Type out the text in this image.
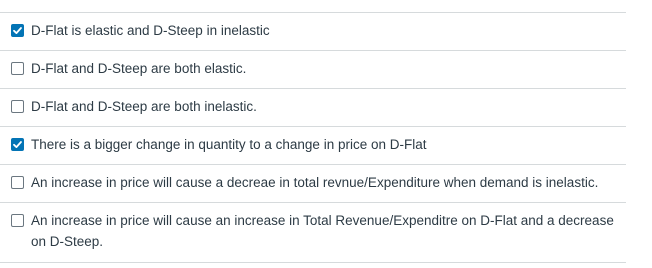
D-Flat is elastic and D-Steep in inelastic
D-Flat and D-Steep are both elastic.
D-Flat and D-Steep are both inelastic.
There is a bigger change in quantity to a change in price on D-Flat
An increase in price will cause a decreae in total revnue/Expenditure when demand is inelastic.
An increase in price will cause an increase in Total Revenue/Expenditre on D-Flat and a decrease on D-Steep.
